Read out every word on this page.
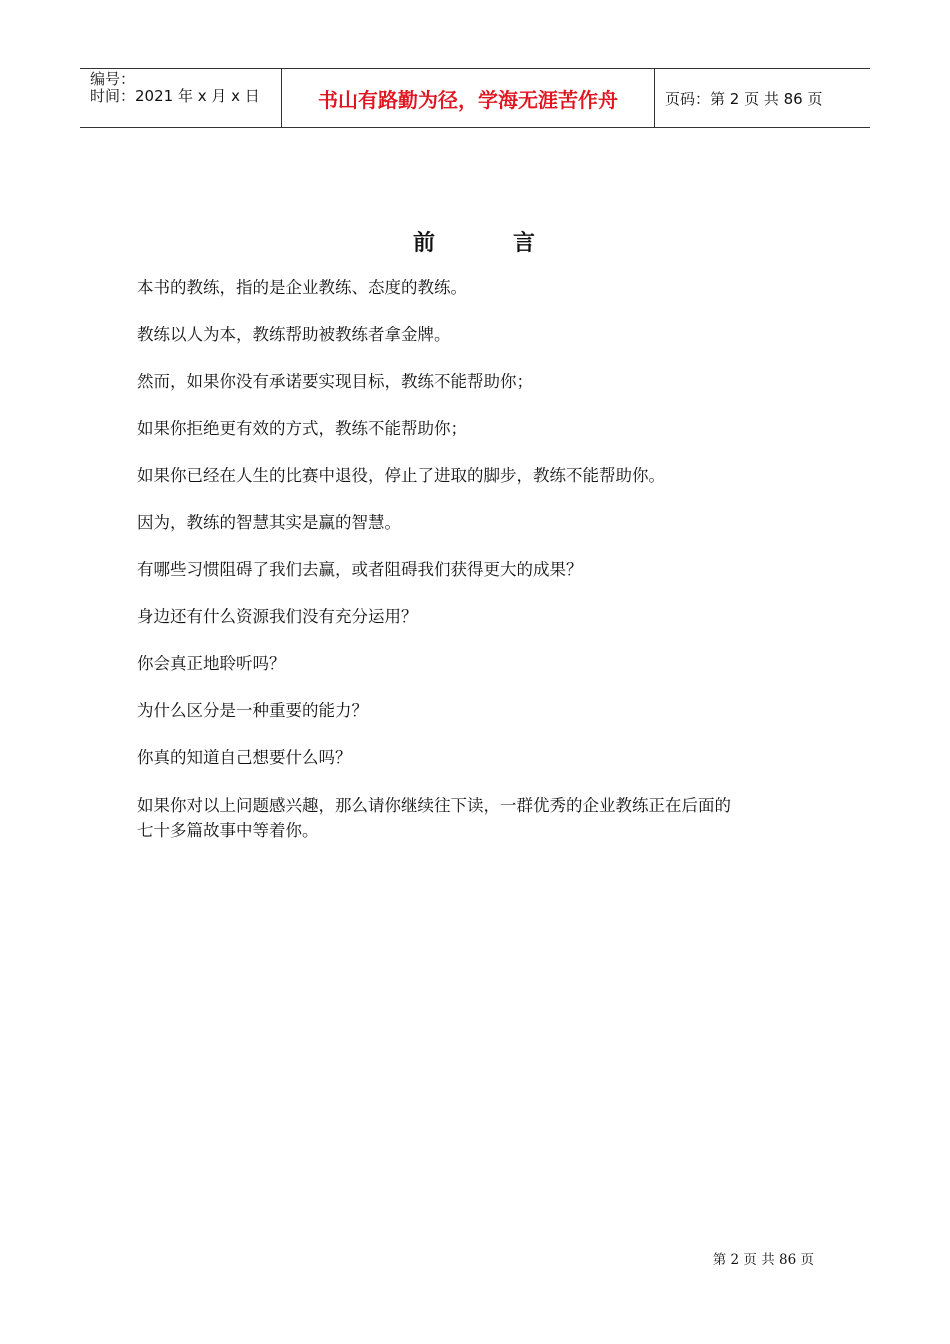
编号：
时间：2021 年 x 月 x 日	书山有路勤为径，学海无涯苦作舟	页码：第 2 页 共 86 页
前	言

本书的教练，指的是企业教练、态度的教练。

教练以人为本，教练帮助被教练者拿金牌。

然而，如果你没有承诺要实现目标，教练不能帮助你；

如果你拒绝更有效的方式，教练不能帮助你；

如果你已经在人生的比赛中退役，停止了进取的脚步，教练不能帮助你。

因为，教练的智慧其实是赢的智慧。

有哪些习惯阻碍了我们去赢，或者阻碍我们获得更大的成果？

身边还有什么资源我们没有充分运用？

你会真正地聆听吗？

为什么区分是一种重要的能力？

你真的知道自己想要什么吗？

如果你对以上问题感兴趣，那么请你继续往下读，一群优秀的企业教练正在后面的
七十多篇故事中等着你。

第 2 页 共 86 页
